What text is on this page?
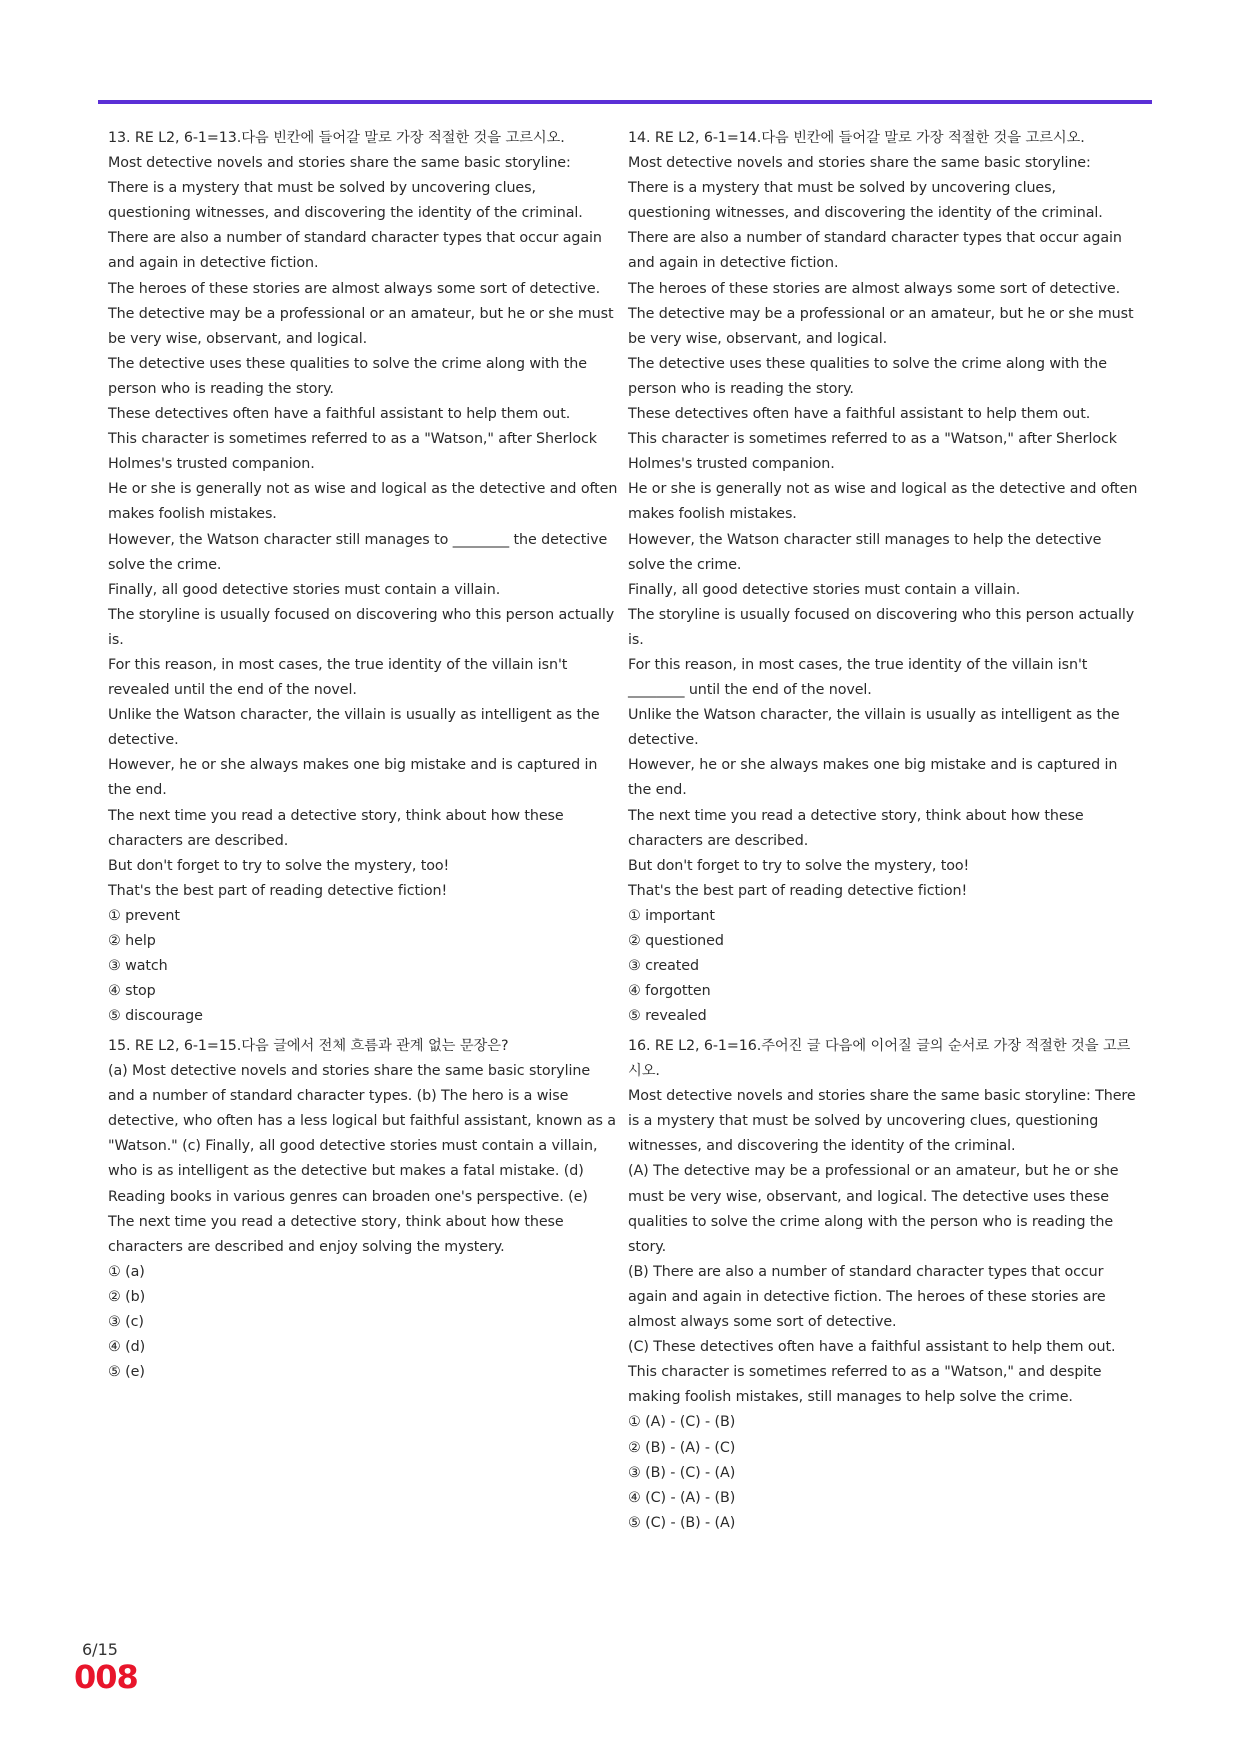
13. RE L2, 6-1=13.다음 빈칸에 들어갈 말로 가장 적절한 것을 고르시오.

Most detective novels and stories share the same basic storyline:

There is a mystery that must be solved by uncovering clues, questioning witnesses, and discovering the identity of the criminal.

There are also a number of standard character types that occur again and again in detective fiction.

The heroes of these stories are almost always some sort of detective.

The detective may be a professional or an amateur, but he or she must be very wise, observant, and logical.

The detective uses these qualities to solve the crime along with the person who is reading the story.

These detectives often have a faithful assistant to help them out.

This character is sometimes referred to as a "Watson," after Sherlock Holmes's trusted companion.

He or she is generally not as wise and logical as the detective and often makes foolish mistakes.

However, the Watson character still manages to ________ the detective solve the crime.

Finally, all good detective stories must contain a villain.

The storyline is usually focused on discovering who this person actually is.

For this reason, in most cases, the true identity of the villain isn't revealed until the end of the novel.

Unlike the Watson character, the villain is usually as intelligent as the detective.

However, he or she always makes one big mistake and is captured in the end.

The next time you read a detective story, think about how these characters are described.

But don't forget to try to solve the mystery, too!

That's the best part of reading detective fiction!

① prevent

② help

③ watch

④ stop

⑤ discourage

14. RE L2, 6-1=14.다음 빈칸에 들어갈 말로 가장 적절한 것을 고르시오.

Most detective novels and stories share the same basic storyline:

There is a mystery that must be solved by uncovering clues, questioning witnesses, and discovering the identity of the criminal.

There are also a number of standard character types that occur again and again in detective fiction.

The heroes of these stories are almost always some sort of detective.

The detective may be a professional or an amateur, but he or she must be very wise, observant, and logical.

The detective uses these qualities to solve the crime along with the person who is reading the story.

These detectives often have a faithful assistant to help them out.

This character is sometimes referred to as a "Watson," after Sherlock Holmes's trusted companion.

He or she is generally not as wise and logical as the detective and often makes foolish mistakes.

However, the Watson character still manages to help the detective solve the crime.

Finally, all good detective stories must contain a villain.

The storyline is usually focused on discovering who this person actually is.

For this reason, in most cases, the true identity of the villain isn't ________ until the end of the novel.

Unlike the Watson character, the villain is usually as intelligent as the detective.

However, he or she always makes one big mistake and is captured in the end.

The next time you read a detective story, think about how these characters are described.

But don't forget to try to solve the mystery, too!

That's the best part of reading detective fiction!

① important

② questioned

③ created

④ forgotten

⑤ revealed

15. RE L2, 6-1=15.다음 글에서 전체 흐름과 관계 없는 문장은?

(a) Most detective novels and stories share the same basic storyline and a number of standard character types. (b) The hero is a wise detective, who often has a less logical but faithful assistant, known as a "Watson." (c) Finally, all good detective stories must contain a villain, who is as intelligent as the detective but makes a fatal mistake. (d) Reading books in various genres can broaden one's perspective. (e) The next time you read a detective story, think about how these characters are described and enjoy solving the mystery.

① (a)

② (b)

③ (c)

④ (d)

⑤ (e)

16. RE L2, 6-1=16.주어진 글 다음에 이어질 글의 순서로 가장 적절한 것을 고르시오.

Most detective novels and stories share the same basic storyline: There is a mystery that must be solved by uncovering clues, questioning witnesses, and discovering the identity of the criminal.

(A) The detective may be a professional or an amateur, but he or she must be very wise, observant, and logical. The detective uses these qualities to solve the crime along with the person who is reading the story.

(B) There are also a number of standard character types that occur again and again in detective fiction. The heroes of these stories are almost always some sort of detective.

(C) These detectives often have a faithful assistant to help them out. This character is sometimes referred to as a "Watson," and despite making foolish mistakes, still manages to help solve the crime.

① (A) - (C) - (B)

② (B) - (A) - (C)

③ (B) - (C) - (A)

④ (C) - (A) - (B)

⑤ (C) - (B) - (A)

6/15
008
